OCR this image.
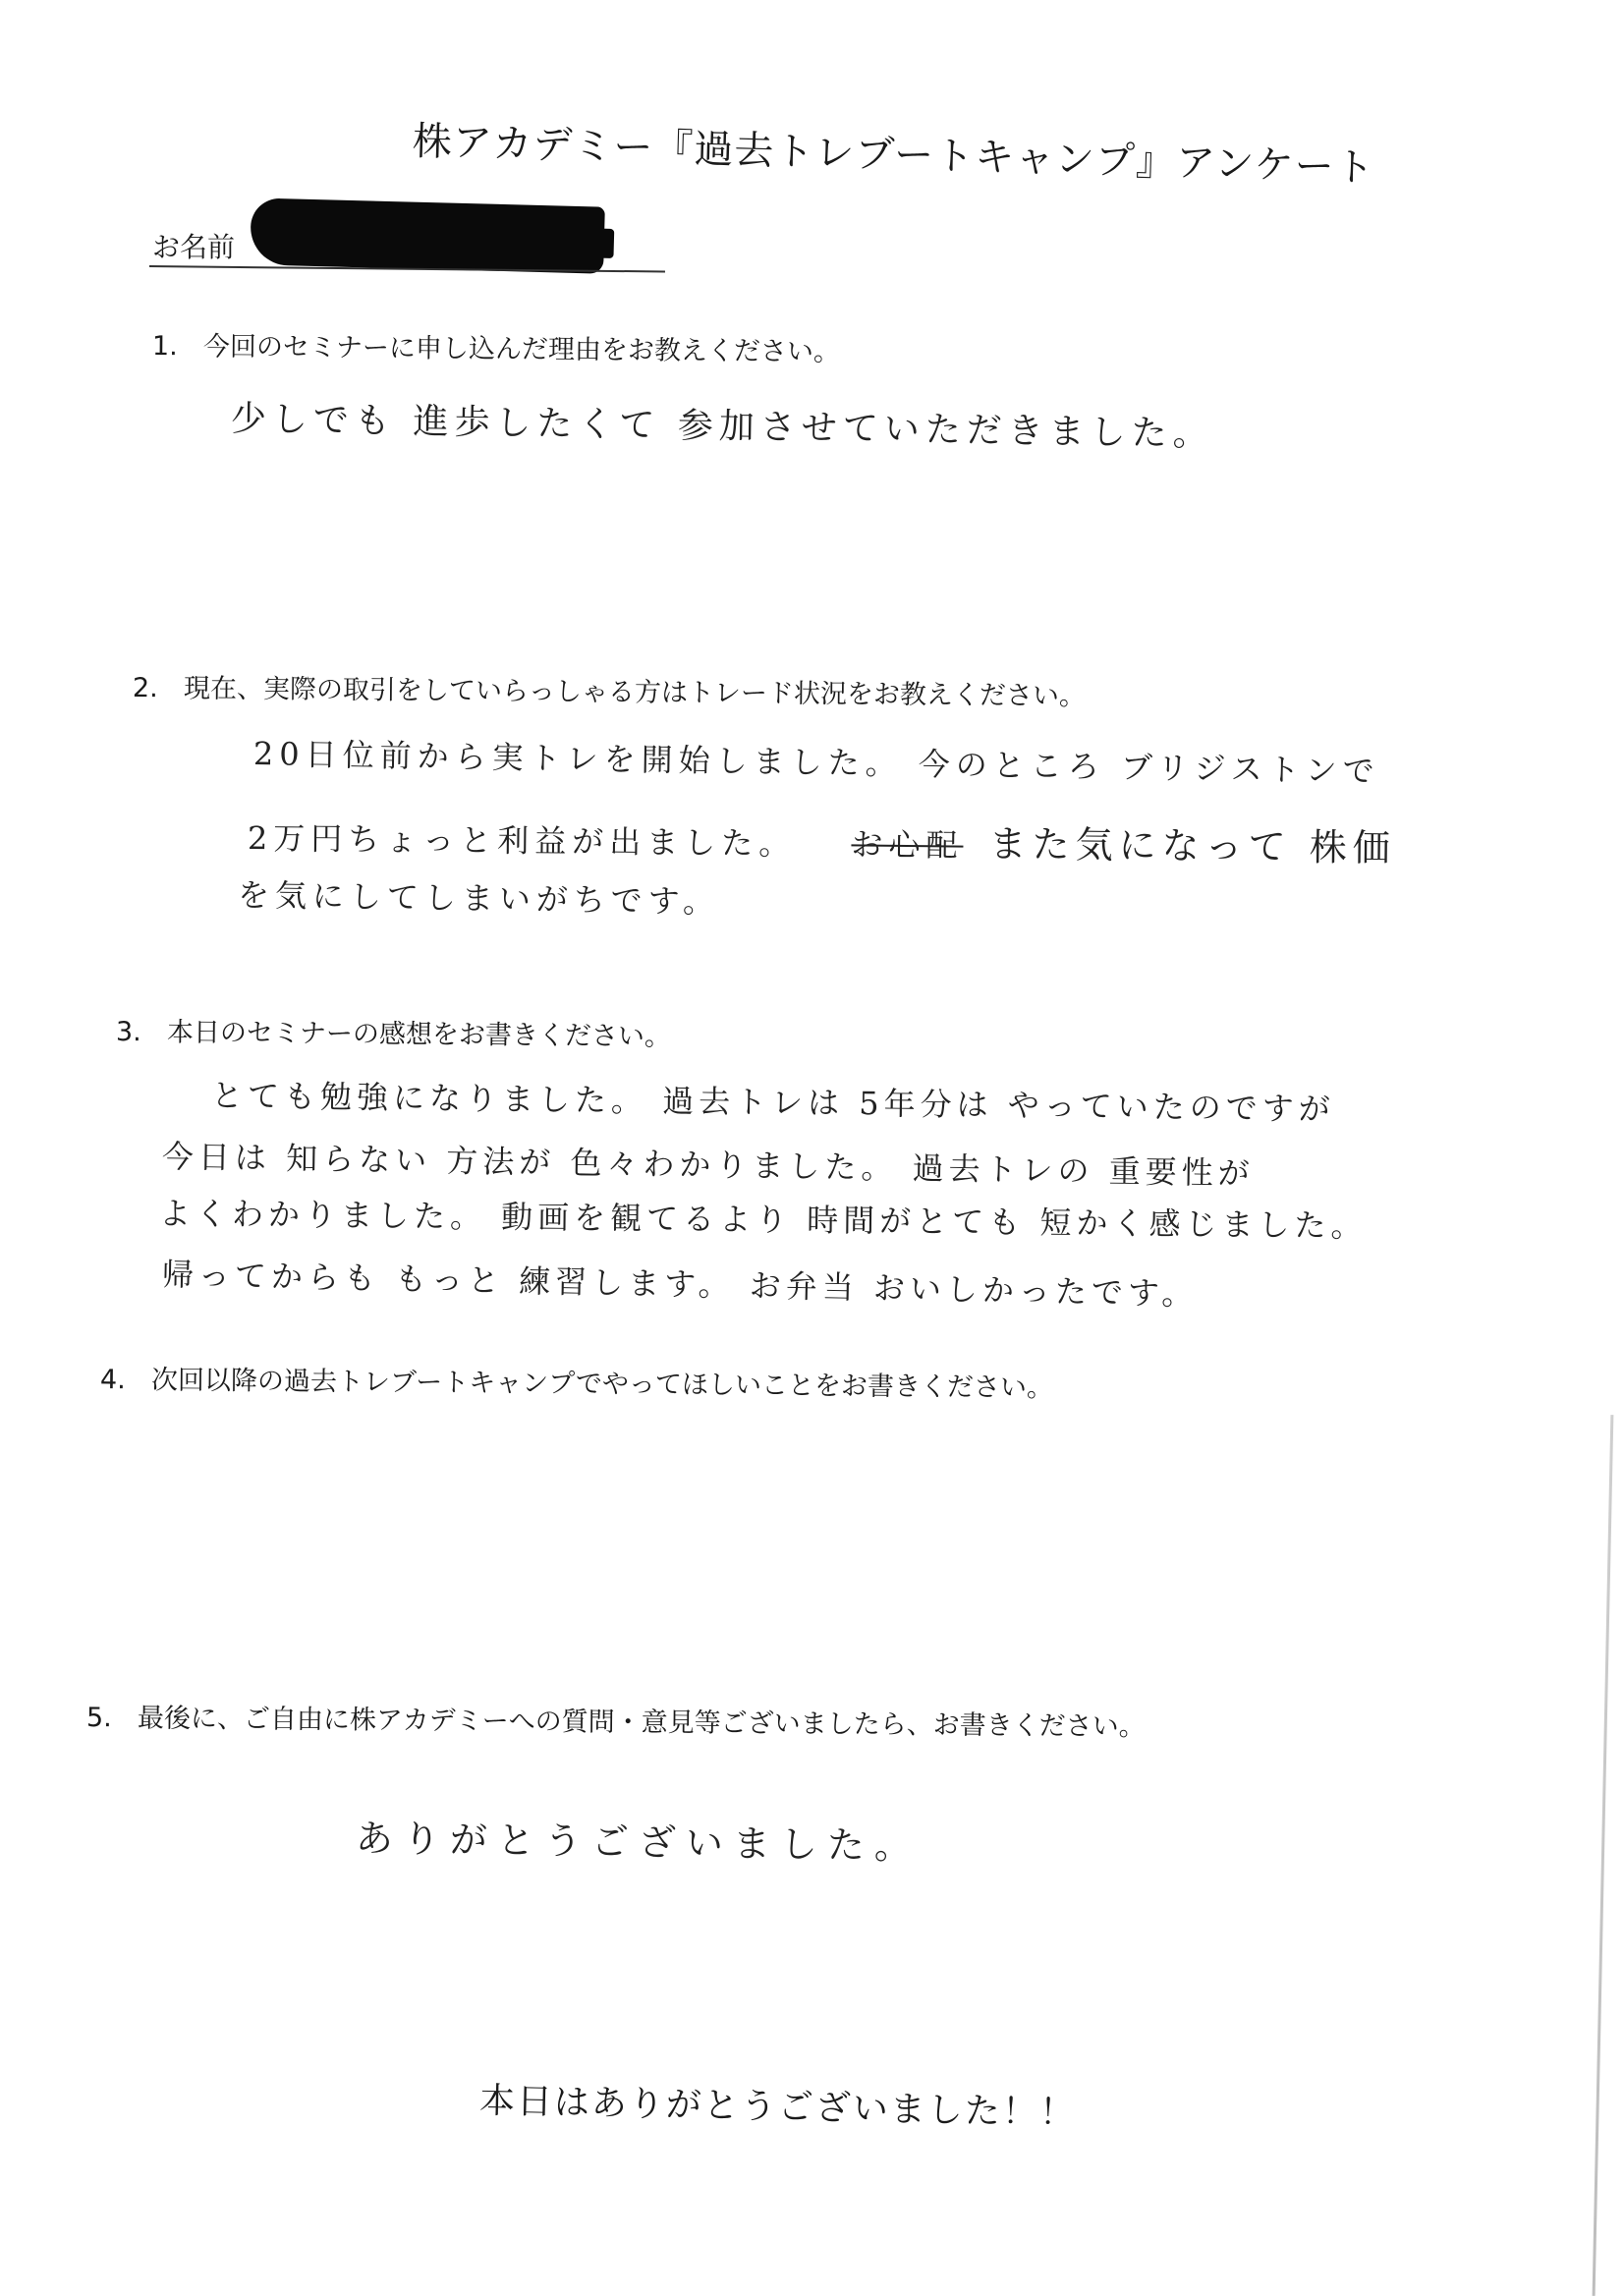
株アカデミー『過去トレブートキャンプ』アンケート
お名前
1. 今回のセミナーに申し込んだ理由をお教えください。
少しでも 進歩したくて 参加させていただきました。
2. 現在、実際の取引をしていらっしゃる方はトレード状況をお教えください。
20日位前から実トレを開始しました。 今のところ ブリジストンで
2万円ちょっと利益が出ました。 お心配 また気になって 株価
を気にしてしまいがちです。
3. 本日のセミナーの感想をお書きください。
とても勉強になりました。 過去トレは 5年分は やっていたのですが
今日は 知らない 方法が 色々わかりました。 過去トレの 重要性が
よくわかりました。 動画を観てるより 時間がとても 短かく感じました。
帰ってからも もっと 練習します。 お弁当 おいしかったです。
4. 次回以降の過去トレブートキャンプでやってほしいことをお書きください。
5. 最後に、ご自由に株アカデミーへの質問・意見等ございましたら、お書きください。
ありがとうございました。
本日はありがとうございました！！
